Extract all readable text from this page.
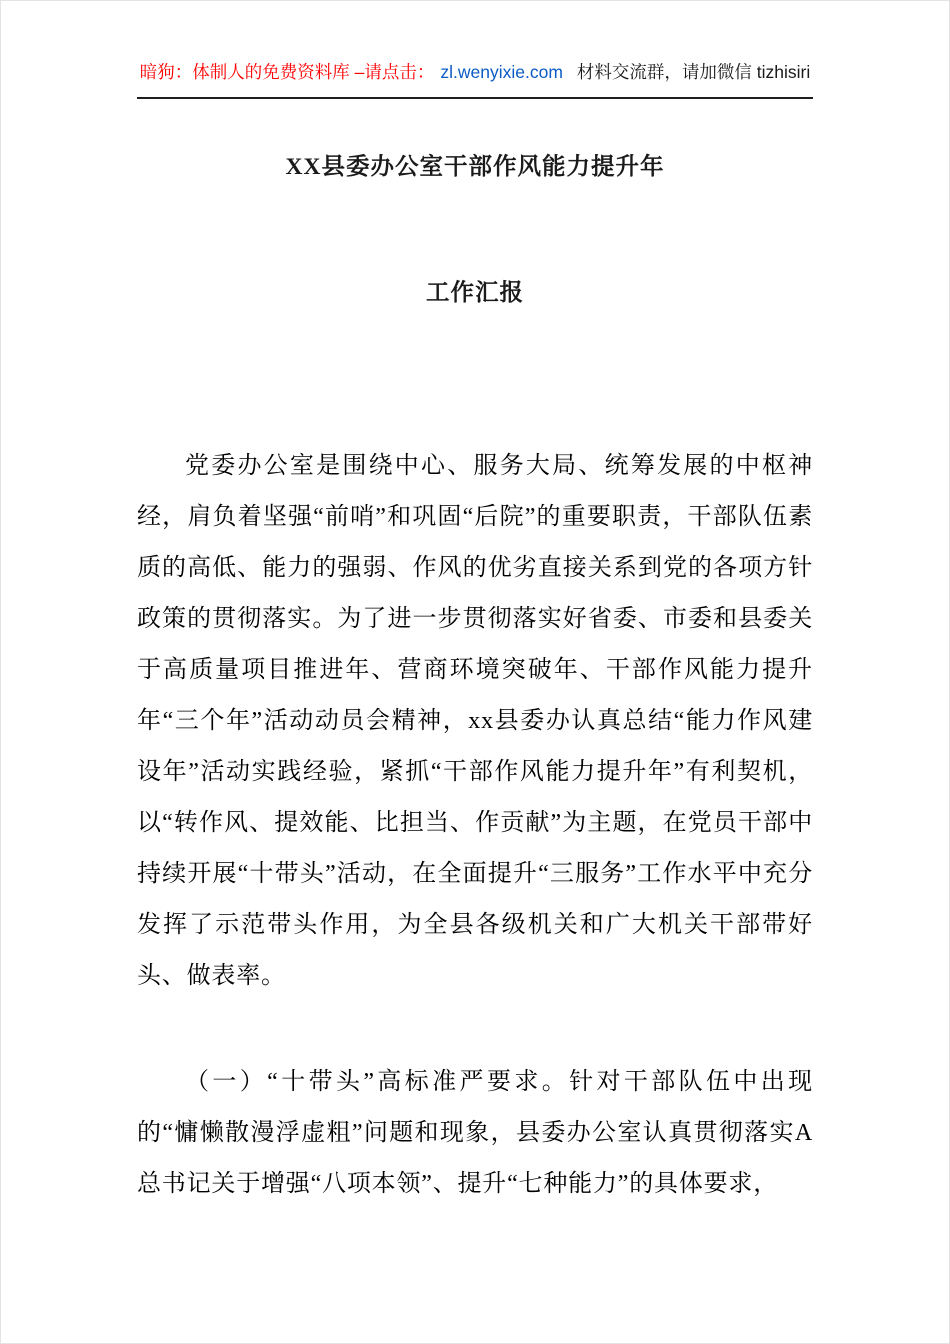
暗狗：体制人的免费资料库 –请点击： zl.wenyixie.com 材料交流群，请加微信 tizhisiri
XX县委办公室干部作风能力提升年
工作汇报

党委办公室是围绕中心、服务大局、统筹发展的中枢神经，肩负着坚强“前哨”和巩固“后院”的重要职责，干部队伍素质的高低、能力的强弱、作风的优劣直接关系到党的各项方针政策的贯彻落实。为了进一步贯彻落实好省委、市委和县委关于高质量项目推进年、营商环境突破年、干部作风能力提升年“三个年”活动动员会精神，xx县委办认真总结“能力作风建设年”活动实践经验，紧抓“干部作风能力提升年”有利契机，以“转作风、提效能、比担当、作贡献”为主题，在党员干部中持续开展“十带头”活动，在全面提升“三服务”工作水平中充分发挥了示范带头作用，为全县各级机关和广大机关干部带好头、做表率。

（一）“十带头”高标准严要求。针对干部队伍中出现的“慵懒散漫浮虚粗”问题和现象，县委办公室认真贯彻落实A总书记关于增强“八项本领”、提升“七种能力”的具体要求，
